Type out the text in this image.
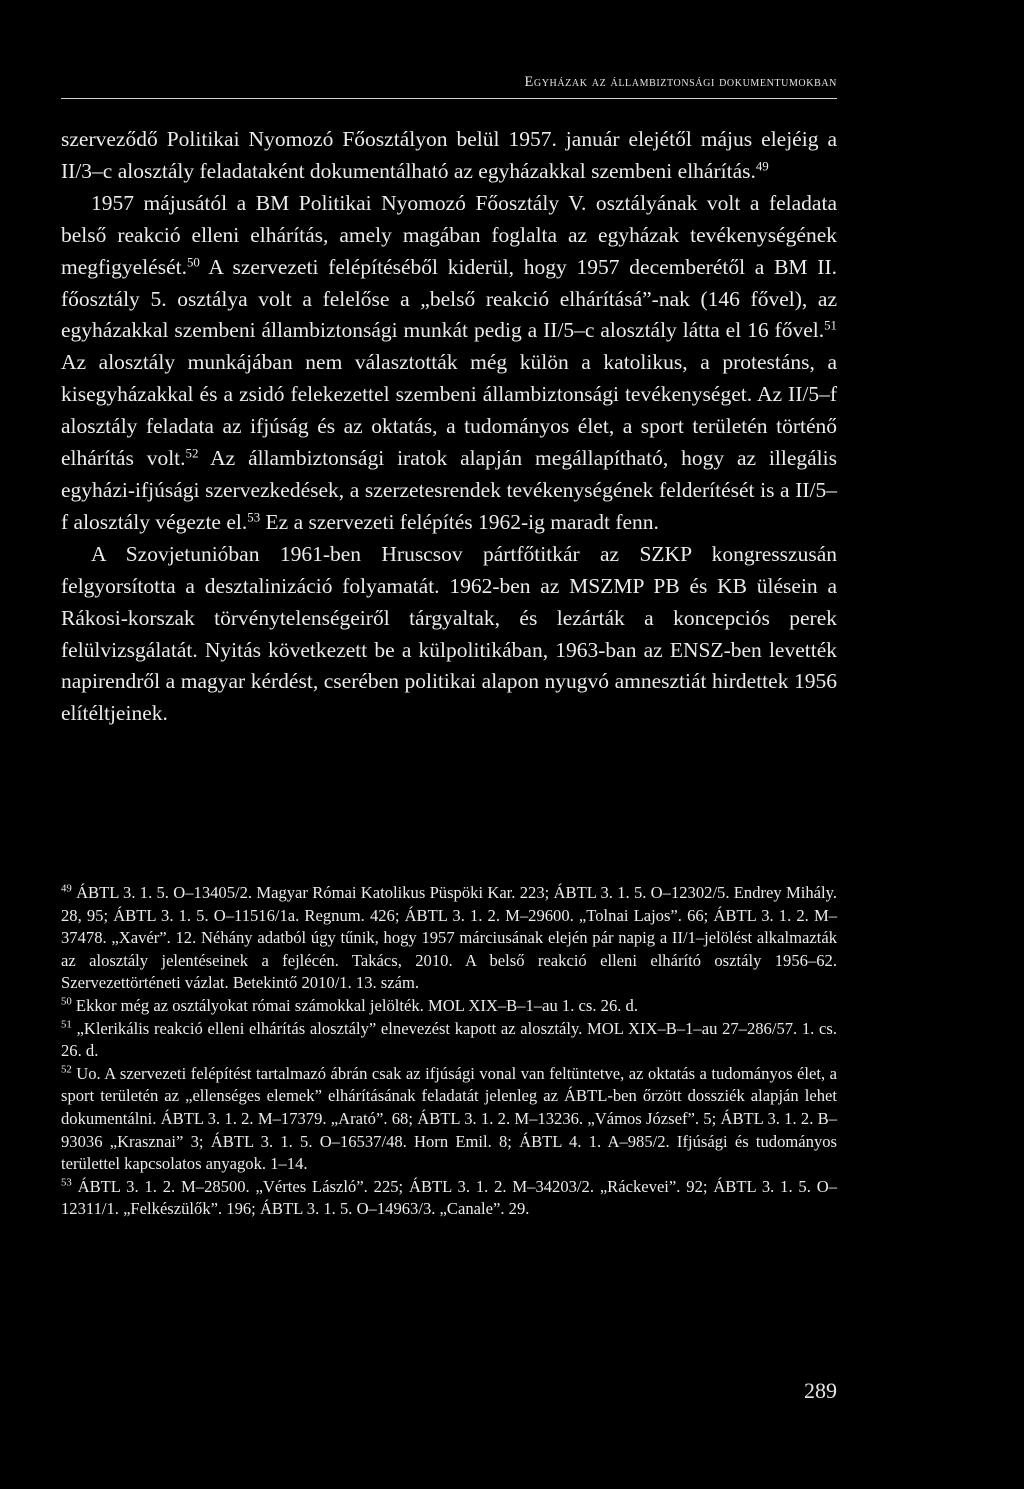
Egyházak az állambiztonsági dokumentumokban

szerveződő Politikai Nyomozó Főosztályon belül 1957. január elejétől május elejéig a II/3–c alosztály feladataként dokumentálható az egyházakkal szembeni elhárítás.$^{49}$

1957 májusától a BM Politikai Nyomozó Főosztály V. osztályának volt a feladata belső reakció elleni elhárítás, amely magában foglalta az egyházak tevékenységének megfigyelését.$^{50}$ A szervezeti felépítéséből kiderül, hogy 1957 decemberétől a BM II. főosztály 5. osztálya volt a felelőse a „belső reakció elhárításá”-nak (146 fővel), az egyházakkal szembeni állambiztonsági munkát pedig a II/5–c alosztály látta el 16 fővel.$^{51}$ Az alosztály munkájában nem választották még külön a katolikus, a protestáns, a kisegyházakkal és a zsidó felekezettel szembeni állambiztonsági tevékenységet. Az II/5–f alosztály feladata az ifjúság és az oktatás, a tudományos élet, a sport területén történő elhárítás volt.$^{52}$ Az állambiztonsági iratok alapján megállapítható, hogy az illegális egyházi-ifjúsági szervezkedések, a szerzetesrendek tevékenységének felderítését is a II/5–f alosztály végezte el.$^{53}$ Ez a szervezeti felépítés 1962-ig maradt fenn.

A Szovjetunióban 1961-ben Hruscsov pártfőtitkár az SZKP kongresszusán felgyorsította a desztalinizáció folyamatát. 1962-ben az MSZMP PB és KB ülésein a Rákosi-korszak törvénytelenségeiről tárgyaltak, és lezárták a koncepciós perek felülvizsgálatát. Nyitás következett be a külpolitikában, 1963-ban az ENSZ-ben levették napirendről a magyar kérdést, cserében politikai alapon nyugvó amnesztiát hirdettek 1956 elítéltjeinek.

$^{49}$ ÁBTL 3. 1. 5. O–13405/2. Magyar Római Katolikus Püspöki Kar. 223; ÁBTL 3. 1. 5. O–12302/5. Endrey Mihály. 28, 95; ÁBTL 3. 1. 5. O–11516/1a. Regnum. 426; ÁBTL 3. 1. 2. M–29600. „Tolnai Lajos”. 66; ÁBTL 3. 1. 2. M–37478. „Xavér”. 12. Néhány adatból úgy tűnik, hogy 1957 márciusának elején pár napig a II/1–jelölést alkalmazták az alosztály jelentéseinek a fejlécén. Takács, 2010. A belső reakció elleni elhárító osztály 1956–62. Szervezettörténeti vázlat. Betekintő 2010/1. 13. szám.

$^{50}$ Ekkor még az osztályokat római számokkal jelölték. MOL XIX–B–1–au 1. cs. 26. d.

$^{51}$ „Klerikális reakció elleni elhárítás alosztály” elnevezést kapott az alosztály. MOL XIX–B–1–au 27–286/57. 1. cs. 26. d.

$^{52}$ Uo. A szervezeti felépítést tartalmazó ábrán csak az ifjúsági vonal van feltüntetve, az oktatás a tudományos élet, a sport területén az „ellenséges elemek” elhárításának feladatát jelenleg az ÁBTL-ben őrzött dossziék alapján lehet dokumentálni. ÁBTL 3. 1. 2. M–17379. „Arató”. 68; ÁBTL 3. 1. 2. M–13236. „Vámos József”. 5; ÁBTL 3. 1. 2. B–93036 „Krasznai” 3; ÁBTL 3. 1. 5. O–16537/48. Horn Emil. 8; ÁBTL 4. 1. A–985/2. Ifjúsági és tudományos területtel kapcsolatos anyagok. 1–14.

$^{53}$ ÁBTL 3. 1. 2. M–28500. „Vértes László”. 225; ÁBTL 3. 1. 2. M–34203/2. „Ráckevei”. 92; ÁBTL 3. 1. 5. O–12311/1. „Felkészülők”. 196; ÁBTL 3. 1. 5. O–14963/3. „Canale”. 29.

289
